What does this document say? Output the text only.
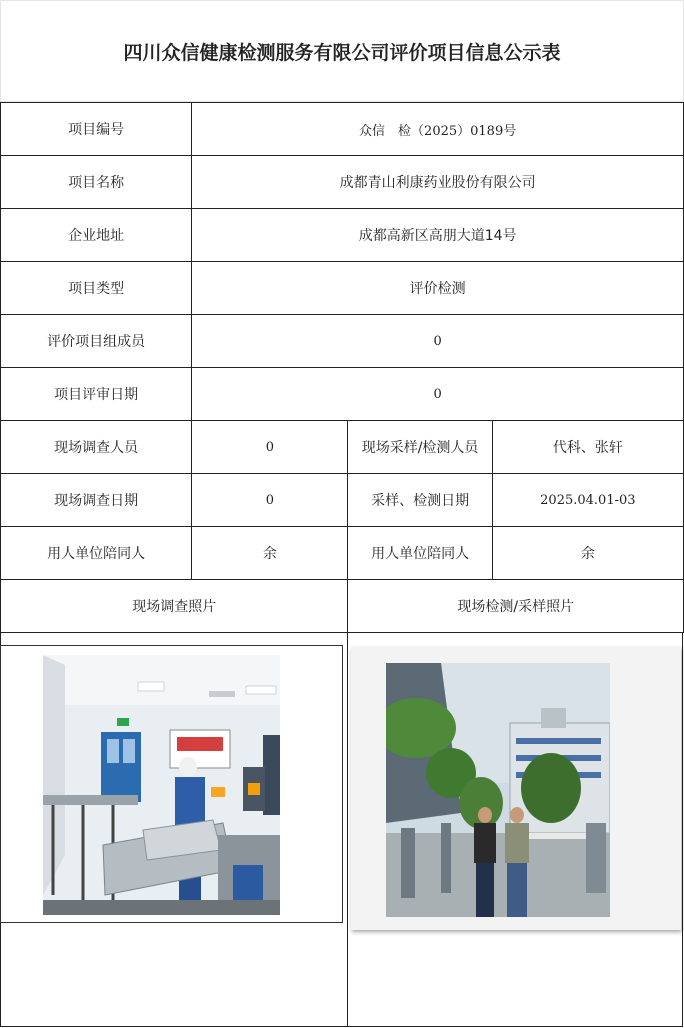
四川众信健康检测服务有限公司评价项目信息公示表
项目编号	众信　检（2025）0189号		
项目名称	成都青山利康药业股份有限公司		
企业地址	成都高新区高朋大道14号		
项目类型	评价检测		
评价项目组成员	0		
项目评审日期	0		
现场调查人员	0	现场采样/检测人员	代科、张轩
现场调查日期	0	采样、检测日期	2025.04.01-03
用人单位陪同人	余	用人单位陪同人	余
现场调查照片		现场检测/采样照片	
